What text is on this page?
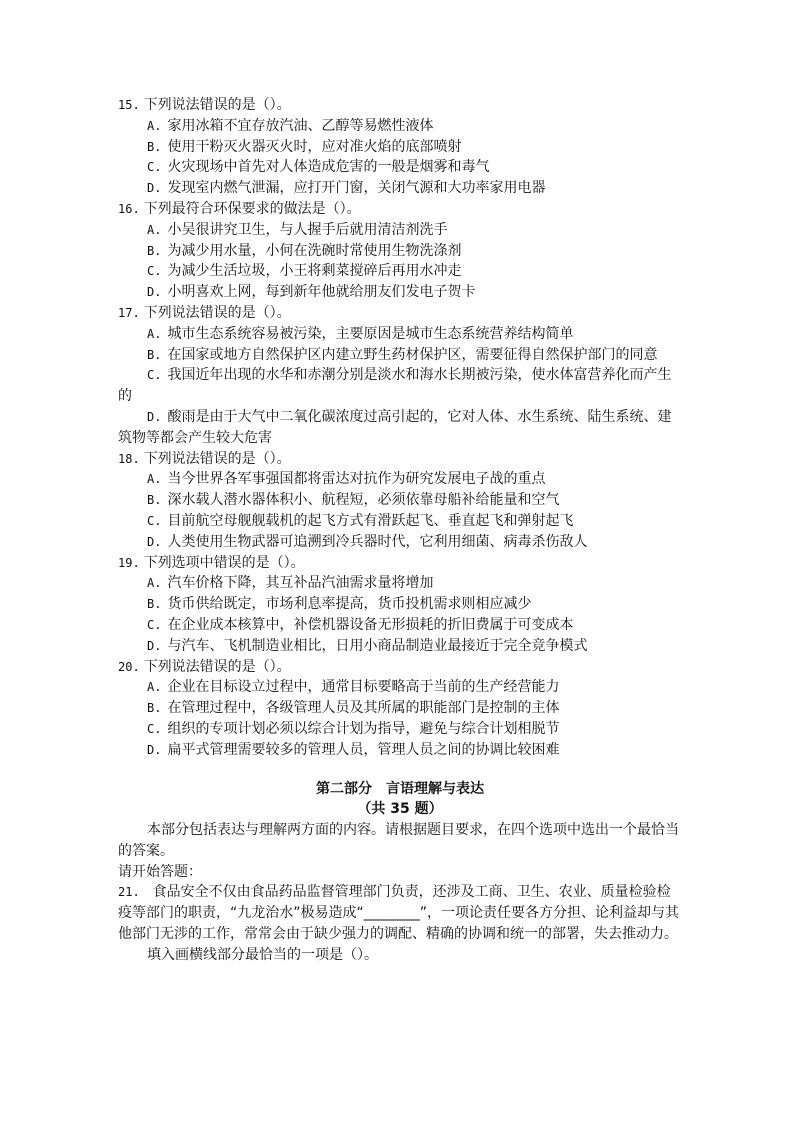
15. 下列说法错误的是（）。

A. 家用冰箱不宜存放汽油、乙醇等易燃性液体

B. 使用干粉灭火器灭火时，应对准火焰的底部喷射

C. 火灾现场中首先对人体造成危害的一般是烟雾和毒气

D. 发现室内燃气泄漏，应打开门窗，关闭气源和大功率家用电器

16. 下列最符合环保要求的做法是（）。

A. 小吴很讲究卫生，与人握手后就用清洁剂洗手

B. 为减少用水量，小何在洗碗时常使用生物洗涤剂

C. 为减少生活垃圾，小王将剩菜搅碎后再用水冲走

D. 小明喜欢上网，每到新年他就给朋友们发电子贺卡

17. 下列说法错误的是（）。

A. 城市生态系统容易被污染，主要原因是城市生态系统营养结构简单

B. 在国家或地方自然保护区内建立野生药材保护区，需要征得自然保护部门的同意

C. 我国近年出现的水华和赤潮分别是淡水和海水长期被污染，使水体富营养化而产生的

D. 酸雨是由于大气中二氧化碳浓度过高引起的，它对人体、水生系统、陆生系统、建筑物等都会产生较大危害

18. 下列说法错误的是（）。

A. 当今世界各军事强国都将雷达对抗作为研究发展电子战的重点

B. 深水载人潜水器体积小、航程短，必须依靠母船补给能量和空气

C. 目前航空母舰舰载机的起飞方式有滑跃起飞、垂直起飞和弹射起飞

D. 人类使用生物武器可追溯到冷兵器时代，它利用细菌、病毒杀伤敌人

19. 下列选项中错误的是（）。

A. 汽车价格下降，其互补品汽油需求量将增加

B. 货币供给既定，市场利息率提高，货币投机需求则相应减少

C. 在企业成本核算中，补偿机器设备无形损耗的折旧费属于可变成本

D. 与汽车、飞机制造业相比，日用小商品制造业最接近于完全竞争模式

20. 下列说法错误的是（）。

A. 企业在目标设立过程中，通常目标要略高于当前的生产经营能力

B. 在管理过程中，各级管理人员及其所属的职能部门是控制的主体

C. 组织的专项计划必须以综合计划为指导，避免与综合计划相脱节

D. 扁平式管理需要较多的管理人员，管理人员之间的协调比较困难

第二部分　言语理解与表达
（共 35 题）

本部分包括表达与理解两方面的内容。请根据题目要求，在四个选项中选出一个最恰当的答案。

请开始答题：

21. 食品安全不仅由食品药品监督管理部门负责，还涉及工商、卫生、农业、质量检验检疫等部门的职责，“九龙治水”极易造成“________”，一项论责任要各方分担、论利益却与其他部门无涉的工作，常常会由于缺少强力的调配、精确的协调和统一的部署，失去推动力。

填入画横线部分最恰当的一项是（）。
